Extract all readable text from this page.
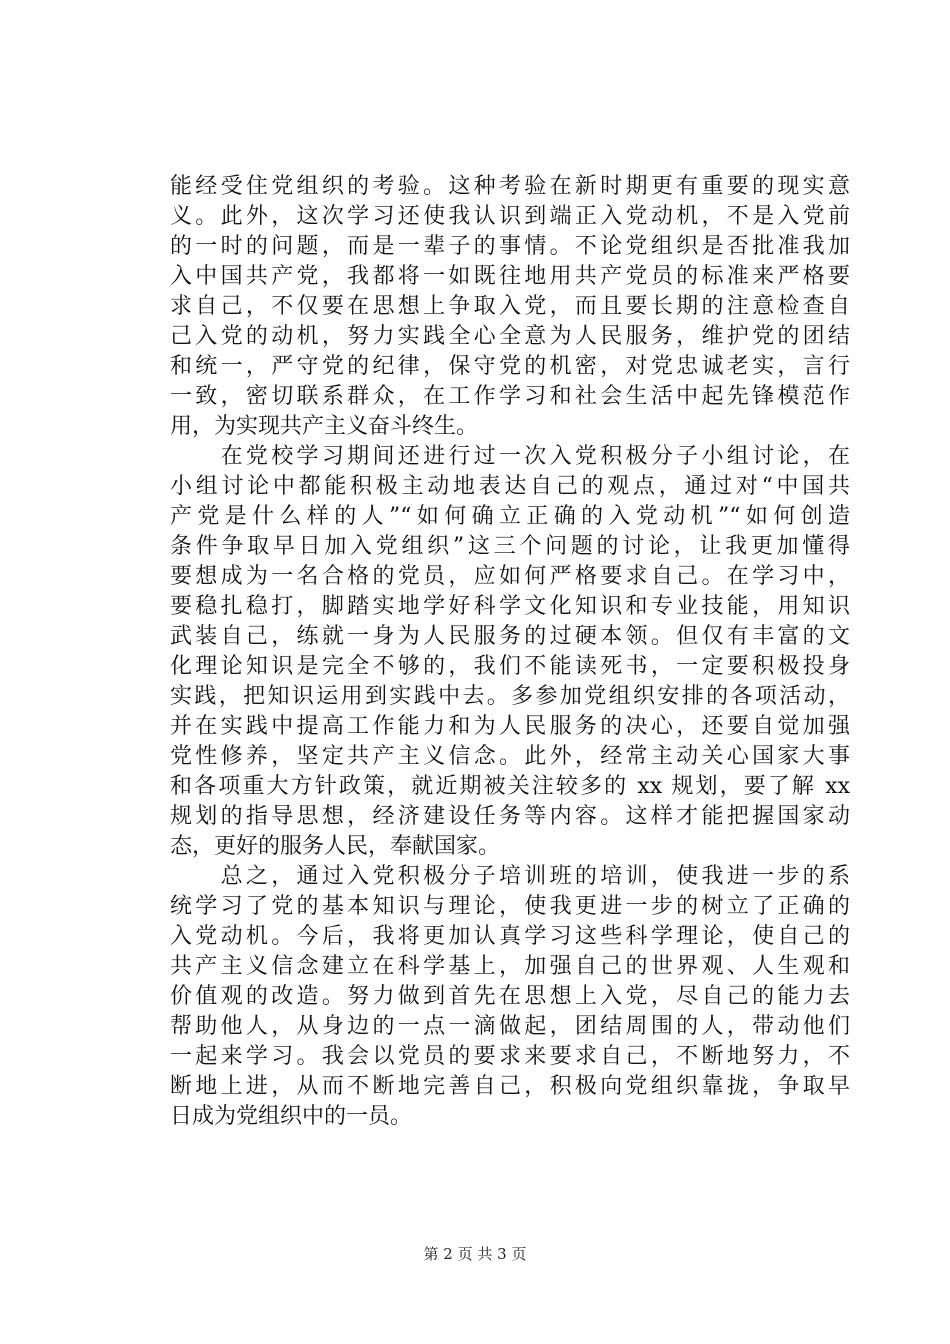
能经受住党组织的考验。这种考验在新时期更有重要的现实意
义。此外，这次学习还使我认识到端正入党动机，不是入党前
的一时的问题，而是一辈子的事情。不论党组织是否批准我加
入中国共产党，我都将一如既往地用共产党员的标准来严格要
求自己，不仅要在思想上争取入党，而且要长期的注意检查自
己入党的动机，努力实践全心全意为人民服务，维护党的团结
和统一，严守党的纪律，保守党的机密，对党忠诚老实，言行
一致，密切联系群众，在工作学习和社会生活中起先锋模范作
用，为实现共产主义奋斗终生。
　　在党校学习期间还进行过一次入党积极分子小组讨论，在
小组讨论中都能积极主动地表达自己的观点，通过对“中国共
产党是什么样的人”“如何确立正确的入党动机”“如何创造
条件争取早日加入党组织”这三个问题的讨论，让我更加懂得
要想成为一名合格的党员，应如何严格要求自己。在学习中，
要稳扎稳打，脚踏实地学好科学文化知识和专业技能，用知识
武装自己，练就一身为人民服务的过硬本领。但仅有丰富的文
化理论知识是完全不够的，我们不能读死书，一定要积极投身
实践，把知识运用到实践中去。多参加党组织安排的各项活动，
并在实践中提高工作能力和为人民服务的决心，还要自觉加强
党性修养，坚定共产主义信念。此外，经常主动关心国家大事
和各项重大方针政策，就近期被关注较多的 xx 规划，要了解 xx
规划的指导思想，经济建设任务等内容。这样才能把握国家动
态，更好的服务人民，奉献国家。
　　总之，通过入党积极分子培训班的培训，使我进一步的系
统学习了党的基本知识与理论，使我更进一步的树立了正确的
入党动机。今后，我将更加认真学习这些科学理论，使自己的
共产主义信念建立在科学基上，加强自己的世界观、人生观和
价值观的改造。努力做到首先在思想上入党，尽自己的能力去
帮助他人，从身边的一点一滴做起，团结周围的人，带动他们
一起来学习。我会以党员的要求来要求自己，不断地努力，不
断地上进，从而不断地完善自己，积极向党组织靠拢，争取早
日成为党组织中的一员。
第 2 页 共 3 页
